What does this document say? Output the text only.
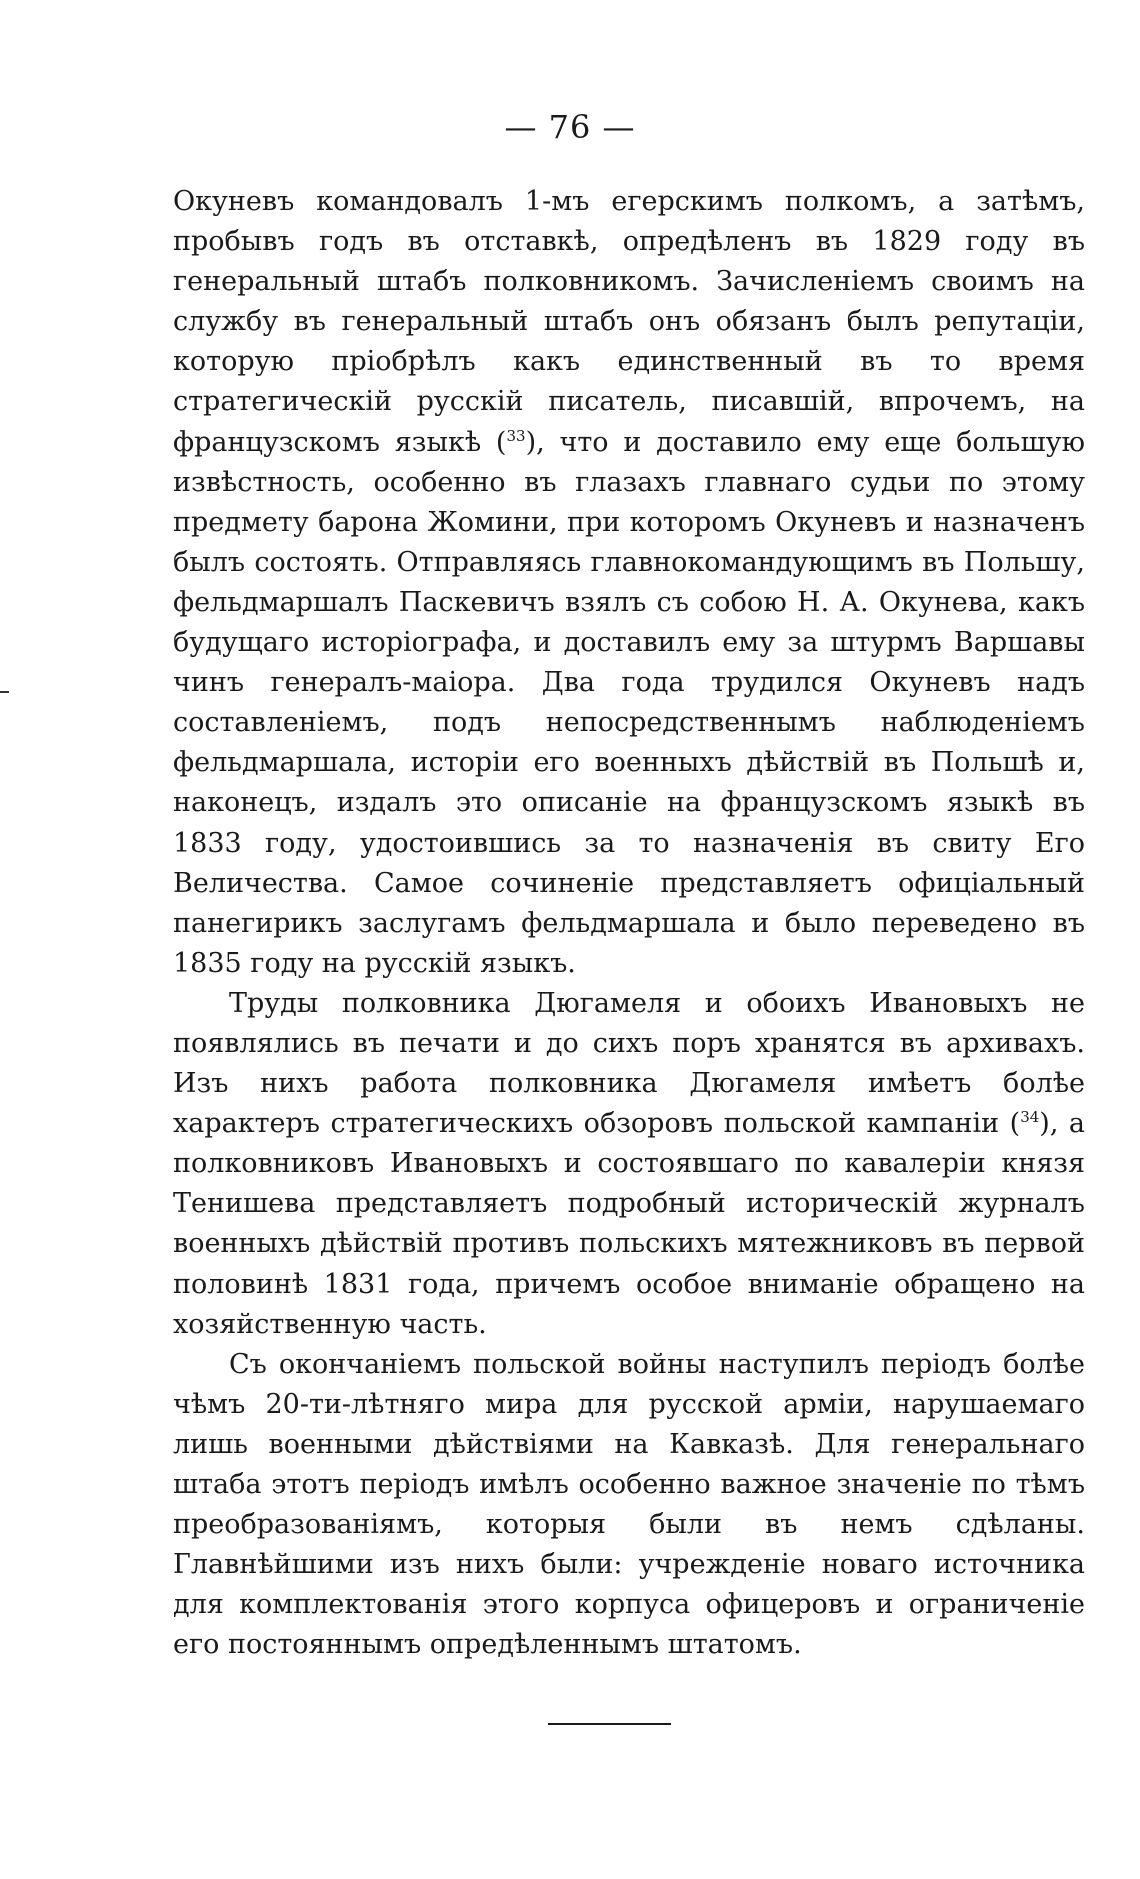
— 76 —

Окуневъ командовалъ 1-мъ егерскимъ полкомъ, а затѣмъ, пробывъ годъ въ отставкѣ, опредѣленъ въ 1829 году въ генеральный штабъ полковникомъ. Зачисленіемъ своимъ на службу въ генеральный штабъ онъ обязанъ былъ репутаціи, которую пріобрѣлъ какъ единственный въ то время стратегическій русскій писатель, писавшій, впрочемъ, на французскомъ языкѣ ($^{33}$), что и доставило ему еще большую извѣстность, особенно въ глазахъ главнаго судьи по этому предмету барона Жомини, при которомъ Окуневъ и назначенъ былъ состоять. Отправляясь главнокомандующимъ въ Польшу, фельдмаршалъ Паскевичъ взялъ съ собою Н. А. Окунева, какъ будущаго исторіографа, и доставилъ ему за штурмъ Варшавы чинъ генералъ-маіора. Два года трудился Окуневъ надъ составленіемъ, подъ непосредственнымъ наблюденіемъ фельдмаршала, исторіи его военныхъ дѣйствій въ Польшѣ и, наконецъ, издалъ это описаніе на французскомъ языкѣ въ 1833 году, удостоившись за то назначенія въ свиту Его Величества. Самое сочиненіе представляетъ офиціальный панегирикъ заслугамъ фельдмаршала и было переведено въ 1835 году на русскій языкъ.

Труды полковника Дюгамеля и обоихъ Ивановыхъ не появлялись въ печати и до сихъ поръ хранятся въ архивахъ. Изъ нихъ работа полковника Дюгамеля имѣетъ болѣе характеръ стратегическихъ обзоровъ польской кампаніи ($^{34}$), а полковниковъ Ивановыхъ и состоявшаго по кавалеріи князя Тенишева представляетъ подробный историческій журналъ военныхъ дѣйствій противъ польскихъ мятежниковъ въ первой половинѣ 1831 года, причемъ особое вниманіе обращено на хозяйственную часть.

Съ окончаніемъ польской войны наступилъ періодъ болѣе чѣмъ 20-ти-лѣтняго мира для русской арміи, нарушаемаго лишь военными дѣйствіями на Кавказѣ. Для генеральнаго штаба этотъ періодъ имѣлъ особенно важное значеніе по тѣмъ преобразованіямъ, которыя были въ немъ сдѣланы. Главнѣйшими изъ нихъ были: учрежденіе новаго источника для комплектованія этого корпуса офицеровъ и ограниченіе его постояннымъ опредѣленнымъ штатомъ.
